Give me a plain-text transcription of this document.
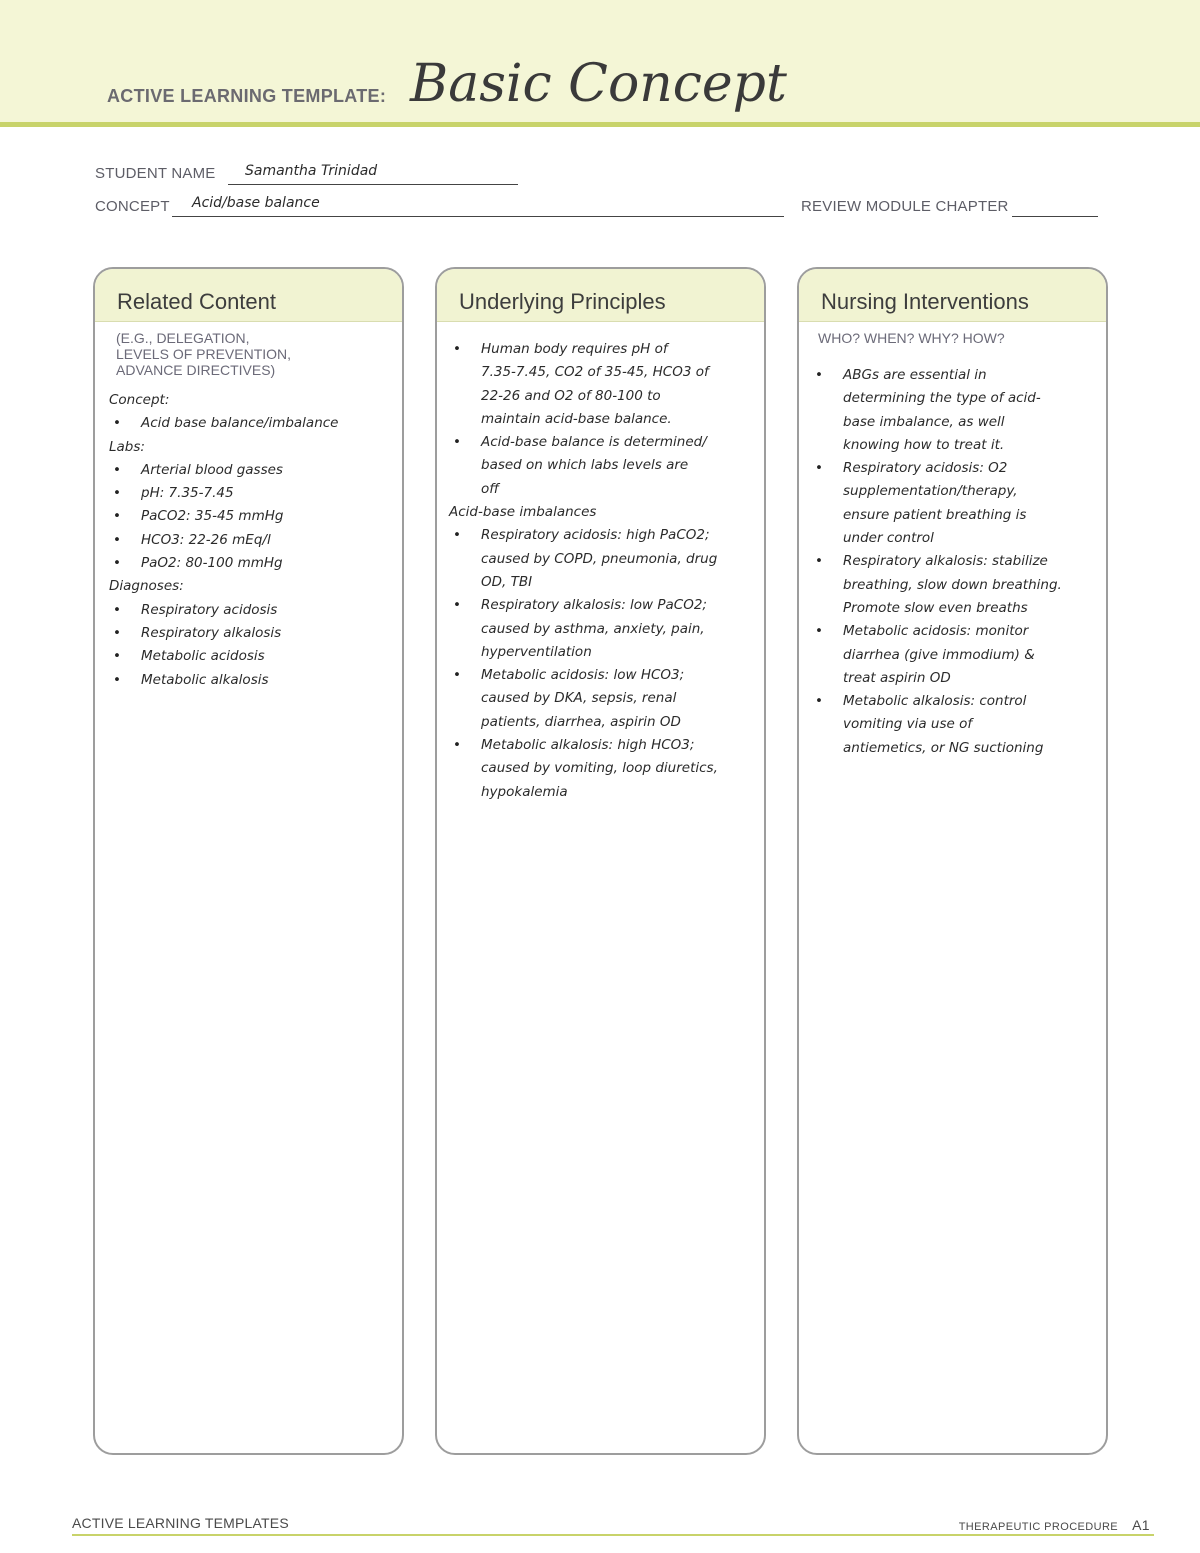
ACTIVE LEARNING TEMPLATE: Basic Concept
STUDENT NAME Samantha Trinidad
CONCEPT Acid/base balance	REVIEW MODULE CHAPTER
Related Content
(E.G., DELEGATION,
LEVELS OF PREVENTION,
ADVANCE DIRECTIVES)
Concept:
• Acid base balance/imbalance
Labs:
• Arterial blood gasses
• pH: 7.35-7.45
• PaCO2: 35-45 mmHg
• HCO3: 22-26 mEq/l
• PaO2: 80-100 mmHg
Diagnoses:
• Respiratory acidosis
• Respiratory alkalosis
• Metabolic acidosis
• Metabolic alkalosis
Underlying Principles
• Human body requires pH of
7.35-7.45, CO2 of 35-45, HCO3 of
22-26 and O2 of 80-100 to
maintain acid-base balance.
• Acid-base balance is determined/
based on which labs levels are
off
Acid-base imbalances
• Respiratory acidosis: high PaCO2;
caused by COPD, pneumonia, drug
OD, TBI
• Respiratory alkalosis: low PaCO2;
caused by asthma, anxiety, pain,
hyperventilation
• Metabolic acidosis: low HCO3;
caused by DKA, sepsis, renal
patients, diarrhea, aspirin OD
• Metabolic alkalosis: high HCO3;
caused by vomiting, loop diuretics,
hypokalemia
Nursing Interventions
WHO? WHEN? WHY? HOW?
• ABGs are essential in
determining the type of acid-
base imbalance, as well
knowing how to treat it.
• Respiratory acidosis: O2
supplementation/therapy,
ensure patient breathing is
under control
• Respiratory alkalosis: stabilize
breathing, slow down breathing.
Promote slow even breaths
• Metabolic acidosis: monitor
diarrhea (give immodium) &
treat aspirin OD
• Metabolic alkalosis: control
vomiting via use of
antiemetics, or NG suctioning
ACTIVE LEARNING TEMPLATES	THERAPEUTIC PROCEDURE A1
